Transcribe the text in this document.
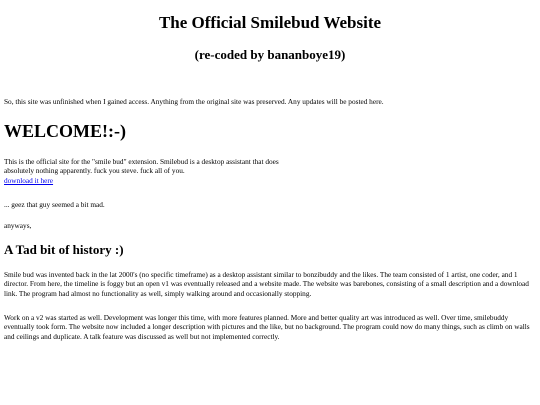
The Official Smilebud Website
(re-coded by bananboye19)

So, this site was unfinished when I gained access. Anything from the original site was preserved. Any updates will be posted here.

WELCOME!:-)
This is the official site for the "smile bud" extension. Smilebud is a desktop assistant that does
absolutely nothing apparently. fuck you steve. fuck all of you.
download it here

... geez that guy seemed a bit mad.

anyways,

A Tad bit of history :)

Smile bud was invented back in the lat 2000's (no specific timeframe) as a desktop assistant similar to bonzibuddy and the likes. The team consisted of 1 artist, one coder, and 1 director. From here, the timeline is foggy but an open v1 was eventually released and a website made. The website was barebones, consisting of a small description and a download link. The program had almost no functionality as well, simply walking around and occasionally stopping.

Work on a v2 was started as well. Development was longer this time, with more features planned. More and better quality art was introduced as well. Over time, smilebuddy eventually took form. The website now included a longer description with pictures and the like, but no background. The program could now do many things, such as climb on walls and ceilings and duplicate. A talk feature was discussed as well but not implemented correctly.
